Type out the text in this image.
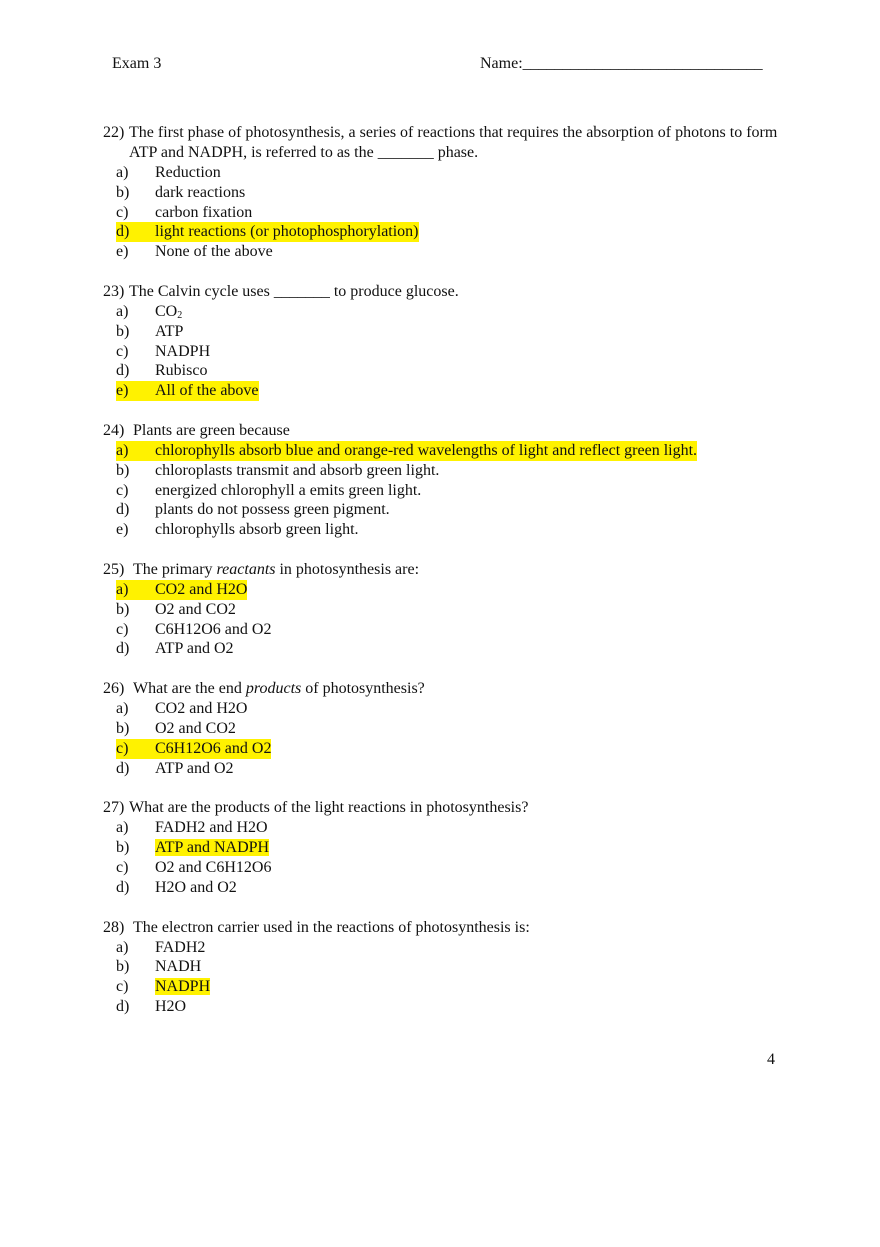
Exam 3	Name:______________________________
22) The first phase of photosynthesis, a series of reactions that requires the absorption of photons to form ATP and NADPH, is referred to as the _______ phase.
a) Reduction
b) dark reactions
c) carbon fixation
d) light reactions (or photophosphorylation)
e) None of the above
23) The Calvin cycle uses _______ to produce glucose.
a) $CO_2$
b) ATP
c) NADPH
d) Rubisco
e) All of the above
24) Plants are green because
a) chlorophylls absorb blue and orange-red wavelengths of light and reflect green light.
b) chloroplasts transmit and absorb green light.
c) energized chlorophyll a emits green light.
d) plants do not possess green pigment.
e) chlorophylls absorb green light.
25) The primary reactants in photosynthesis are:
a) CO2 and H2O
b) O2 and CO2
c) C6H12O6 and O2
d) ATP and O2
26) What are the end products of photosynthesis?
a) CO2 and H2O
b) O2 and CO2
c) C6H12O6 and O2
d) ATP and O2
27) What are the products of the light reactions in photosynthesis?
a) FADH2 and H2O
b) ATP and NADPH
c) O2 and C6H12O6
d) H2O and O2
28) The electron carrier used in the reactions of photosynthesis is:
a) FADH2
b) NADH
c) NADPH
d) H2O
4
